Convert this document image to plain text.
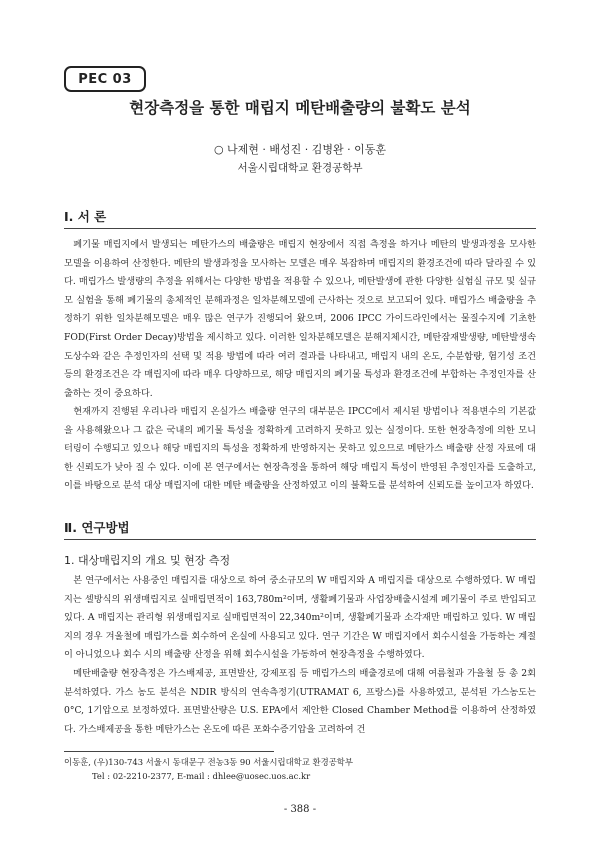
PEC 03
현장측정을 통한 매립지 메탄배출량의 불확도 분석
○ 나제현 · 배성진 · 김병완 · 이동훈
서울시립대학교 환경공학부
Ⅰ. 서 론

폐기물 매립지에서 발생되는 메탄가스의 배출량은 매립지 현장에서 직접 측정을 하거나 메탄의 발생과정을 모사한 모델을 이용하여 산정한다. 메탄의 발생과정을 모사하는 모델은 매우 복잡하며 매립지의 환경조건에 따라 달라질 수 있다. 매립가스 발생량의 추정을 위해서는 다양한 방법을 적용할 수 있으나, 메탄발생에 관한 다양한 실험실 규모 및 실규모 실험을 통해 폐기물의 총체적인 분해과정은 일차분해모델에 근사하는 것으로 보고되어 있다. 매립가스 배출량을 추정하기 위한 일차분해모델은 매우 많은 연구가 진행되어 왔으며, 2006 IPCC 가이드라인에서는 물질수지에 기초한 FOD(First Order Decay)방법을 제시하고 있다. 이러한 일차분해모델은 분해지체시간, 메탄잠재발생량, 메탄발생속도상수와 같은 추정인자의 선택 및 적용 방법에 따라 여러 결과를 나타내고, 매립지 내의 온도, 수분함량, 혐기성 조건 등의 환경조건은 각 매립지에 따라 매우 다양하므로, 해당 매립지의 폐기물 특성과 환경조건에 부합하는 추정인자를 산출하는 것이 중요하다.

현재까지 진행된 우리나라 매립지 온실가스 배출량 연구의 대부분은 IPCC에서 제시된 방법이나 적용변수의 기본값을 사용해왔으나 그 값은 국내의 폐기물 특성을 정확하게 고려하지 못하고 있는 실정이다. 또한 현장측정에 의한 모니터링이 수행되고 있으나 해당 매립지의 특성을 정확하게 반영하지는 못하고 있으므로 메탄가스 배출량 산정 자료에 대한 신뢰도가 낮아 질 수 있다. 이에 본 연구에서는 현장측정을 통하여 해당 매립지 특성이 반영된 추정인자를 도출하고, 이를 바탕으로 분석 대상 매립지에 대한 메탄 배출량을 산정하였고 이의 불확도를 분석하여 신뢰도를 높이고자 하였다.

Ⅱ. 연구방법
1. 대상매립지의 개요 및 현장 측정

본 연구에서는 사용중인 매립지를 대상으로 하여 중소규모의 W 매립지와 A 매립지를 대상으로 수행하였다. W 매립지는 셀방식의 위생매립지로 실매립면적이 163,780m²이며, 생활폐기물과 사업장배출시설계 폐기물이 주로 반입되고 있다. A 매립지는 관리형 위생매립지로 실매립면적이 22,340m²이며, 생활폐기물과 소각재만 매립하고 있다. W 매립지의 경우 겨울철에 매립가스를 회수하여 온실에 사용되고 있다. 연구 기간은 W 매립지에서 회수시설을 가동하는 계절이 아니었으나 회수 시의 배출량 산정을 위해 회수시설을 가동하여 현장측정을 수행하였다.

메탄배출량 현장측정은 가스배제공, 표면발산, 강제포집 등 매립가스의 배출경로에 대해 여름철과 가을철 등 총 2회 분석하였다. 가스 농도 분석은 NDIR 방식의 연속측정기(UTRAMAT 6, 프랑스)를 사용하였고, 분석된 가스농도는 0°C, 1기압으로 보정하였다. 표면발산량은 U.S. EPA에서 제안한 Closed Chamber Method를 이용하여 산정하였다. 가스배제공을 통한 메탄가스는 온도에 따른 포화수증기압을 고려하여 건

이동훈, (우)130-743 서울시 동대문구 전농3동 90 서울시립대학교 환경공학부
Tel : 02-2210-2377, E-mail : dhlee@uosec.uos.ac.kr
- 388 -
